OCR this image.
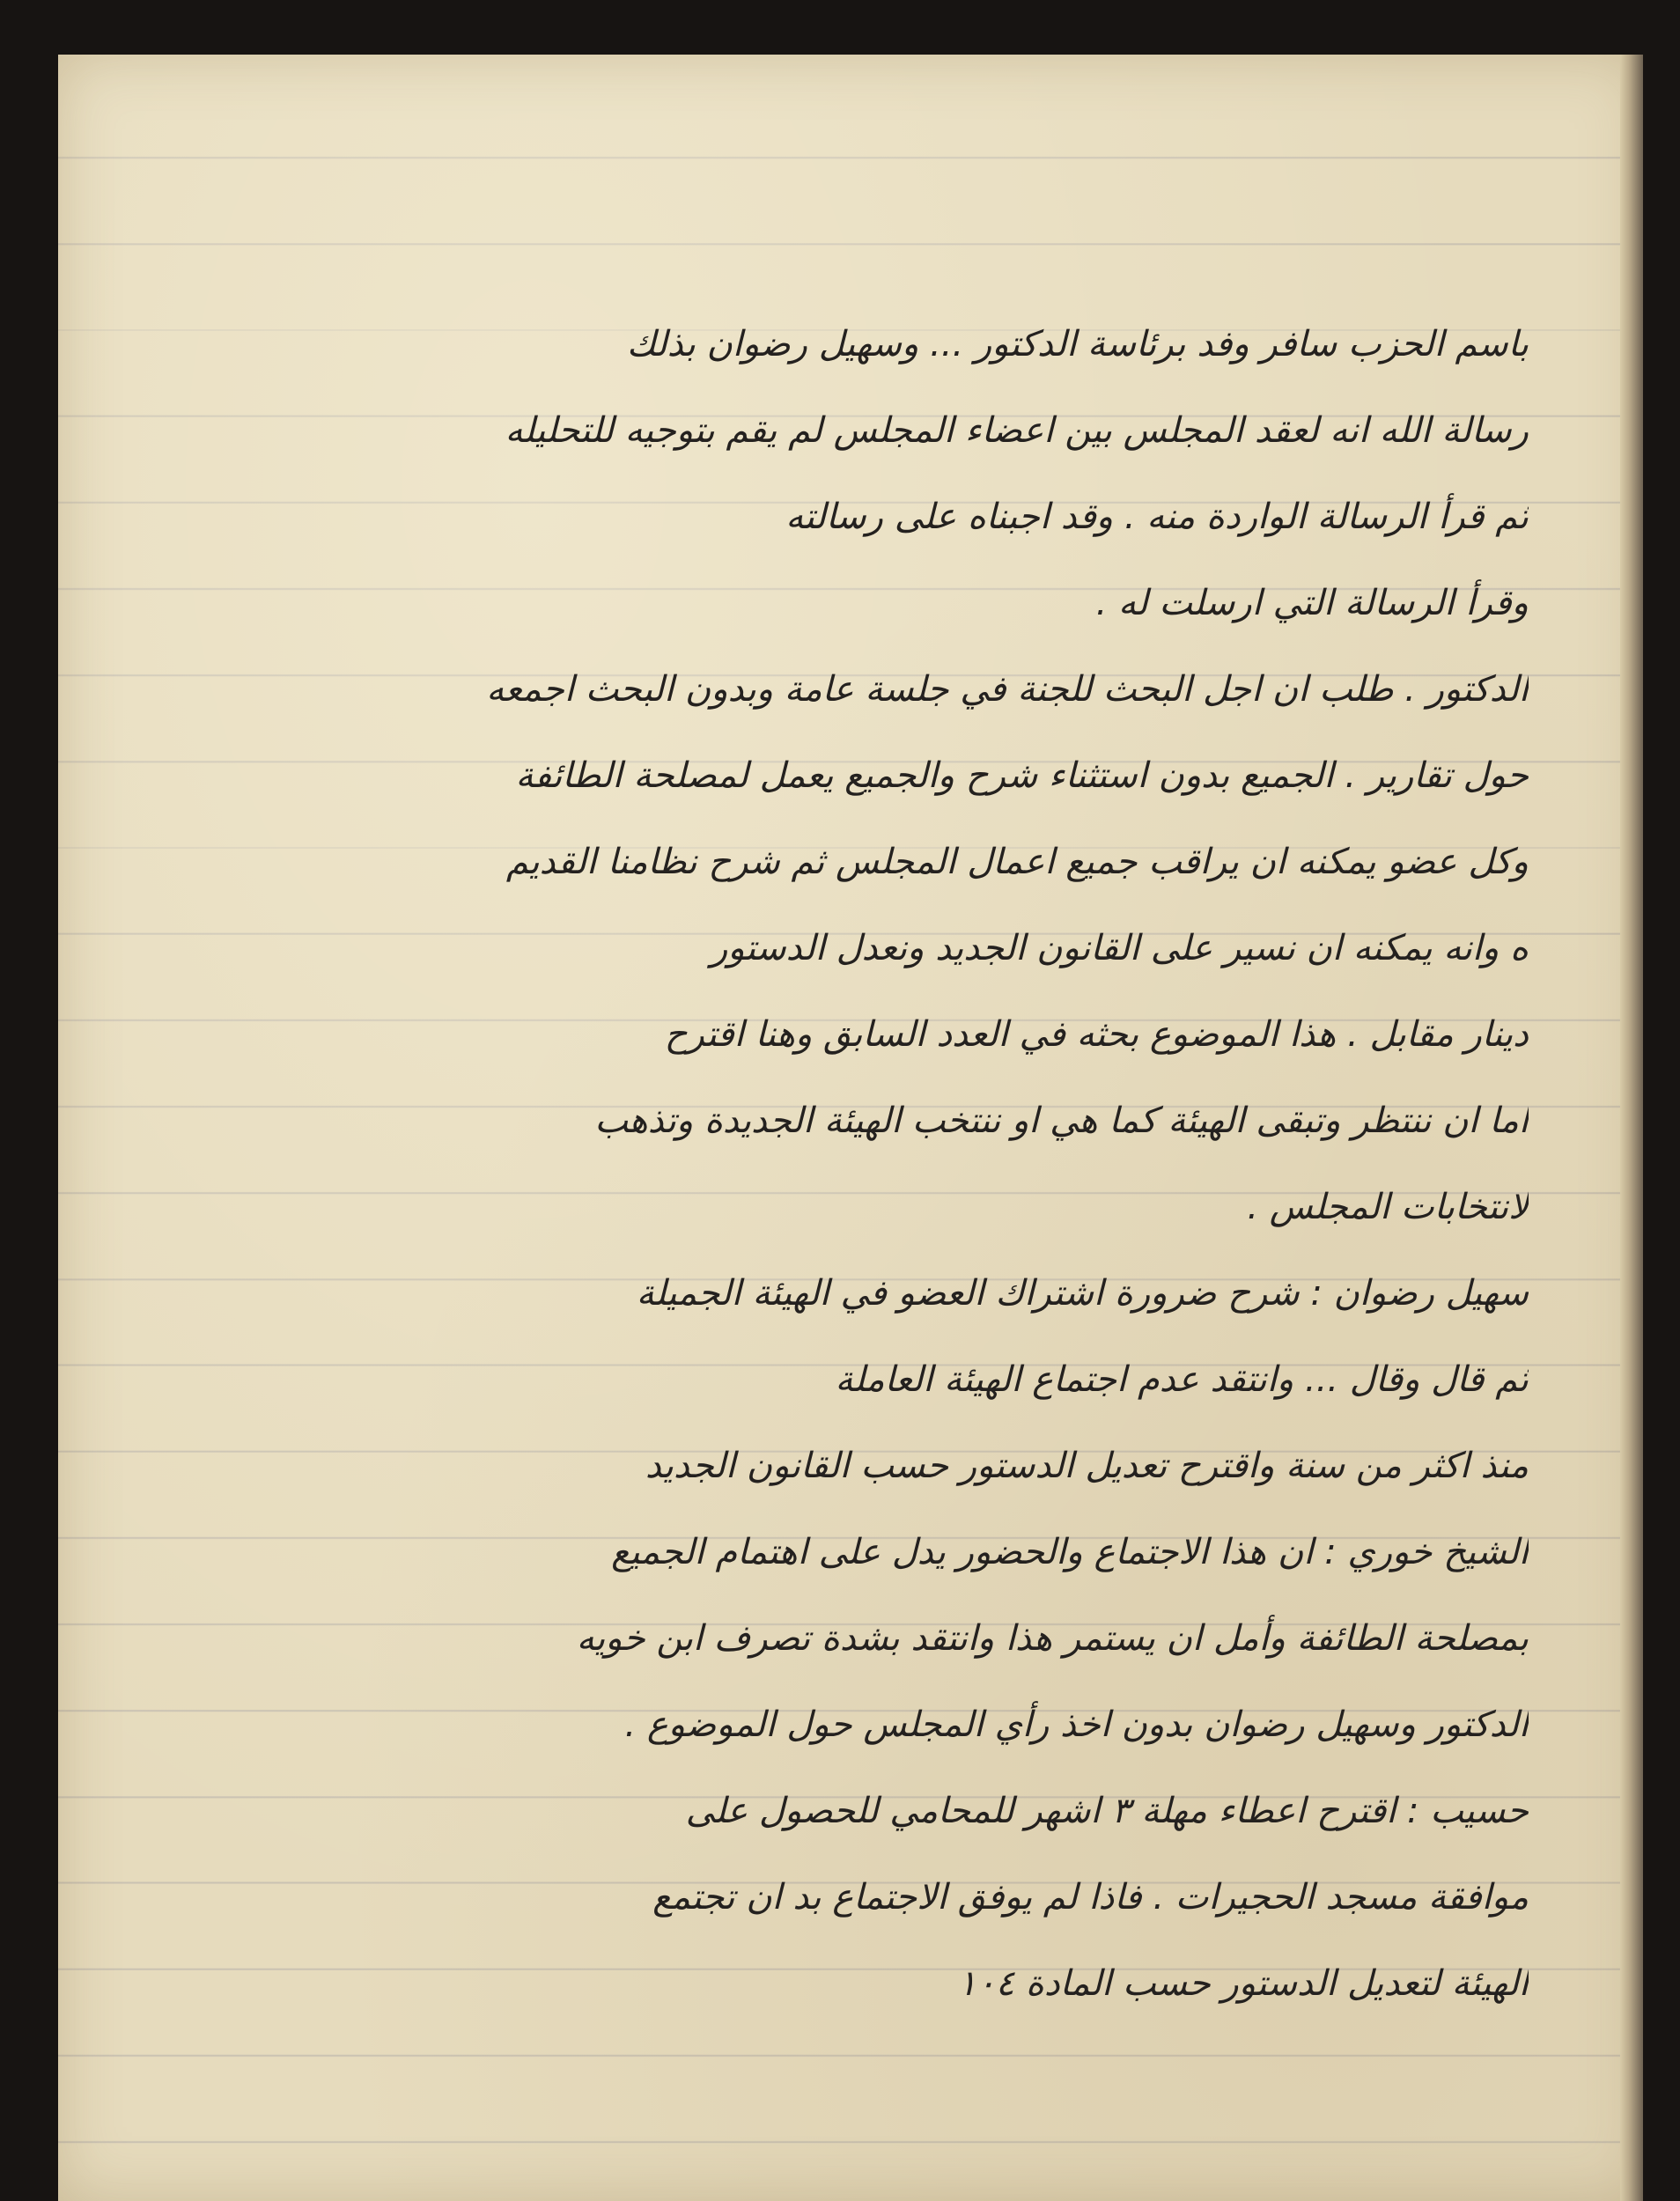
باسم الحزب سافر وفد برئاسة الدكتور ... وسهيل رضوان بذلك
رسالة الله انه لعقد المجلس بين اعضاء المجلس لم يقم بتوجيه للتحليله
ثم قرأ الرسالة الواردة منه . وقد اجبناه على رسالته
وقرأ الرسالة التي ارسلت له .
الدكتور . طلب ان اجل البحث للجنة في جلسة عامة وبدون البحث اجمعه
حول تقارير . الجميع بدون استثناء شرح والجميع يعمل لمصلحة الطائفة
وكل عضو يمكنه ان يراقب جميع اعمال المجلس ثم شرح نظامنا القديم
ه وانه يمكنه ان نسير على القانون الجديد ونعدل الدستور
دينار مقابل . هذا الموضوع بحثه في العدد السابق وهنا اقترح
اما ان ننتظر وتبقى الهيئة كما هي او ننتخب الهيئة الجديدة وتذهب
لانتخابات المجلس .
سهيل رضوان : شرح ضرورة اشتراك العضو في الهيئة الجميلة
ثم قال وقال ... وانتقد عدم اجتماع الهيئة العاملة
منذ اكثر من سنة واقترح تعديل الدستور حسب القانون الجديد
الشيخ خوري : ان هذا الاجتماع والحضور يدل على اهتمام الجميع
بمصلحة الطائفة وأمل ان يستمر هذا وانتقد بشدة تصرف ابن خويه
الدكتور وسهيل رضوان بدون اخذ رأي المجلس حول الموضوع .
حسيب : اقترح اعطاء مهلة ٣ اشهر للمحامي للحصول على
موافقة مسجد الحجيرات . فاذا لم يوفق الاجتماع بد ان تجتمع
الهيئة لتعديل الدستور حسب المادة ١٠٤
